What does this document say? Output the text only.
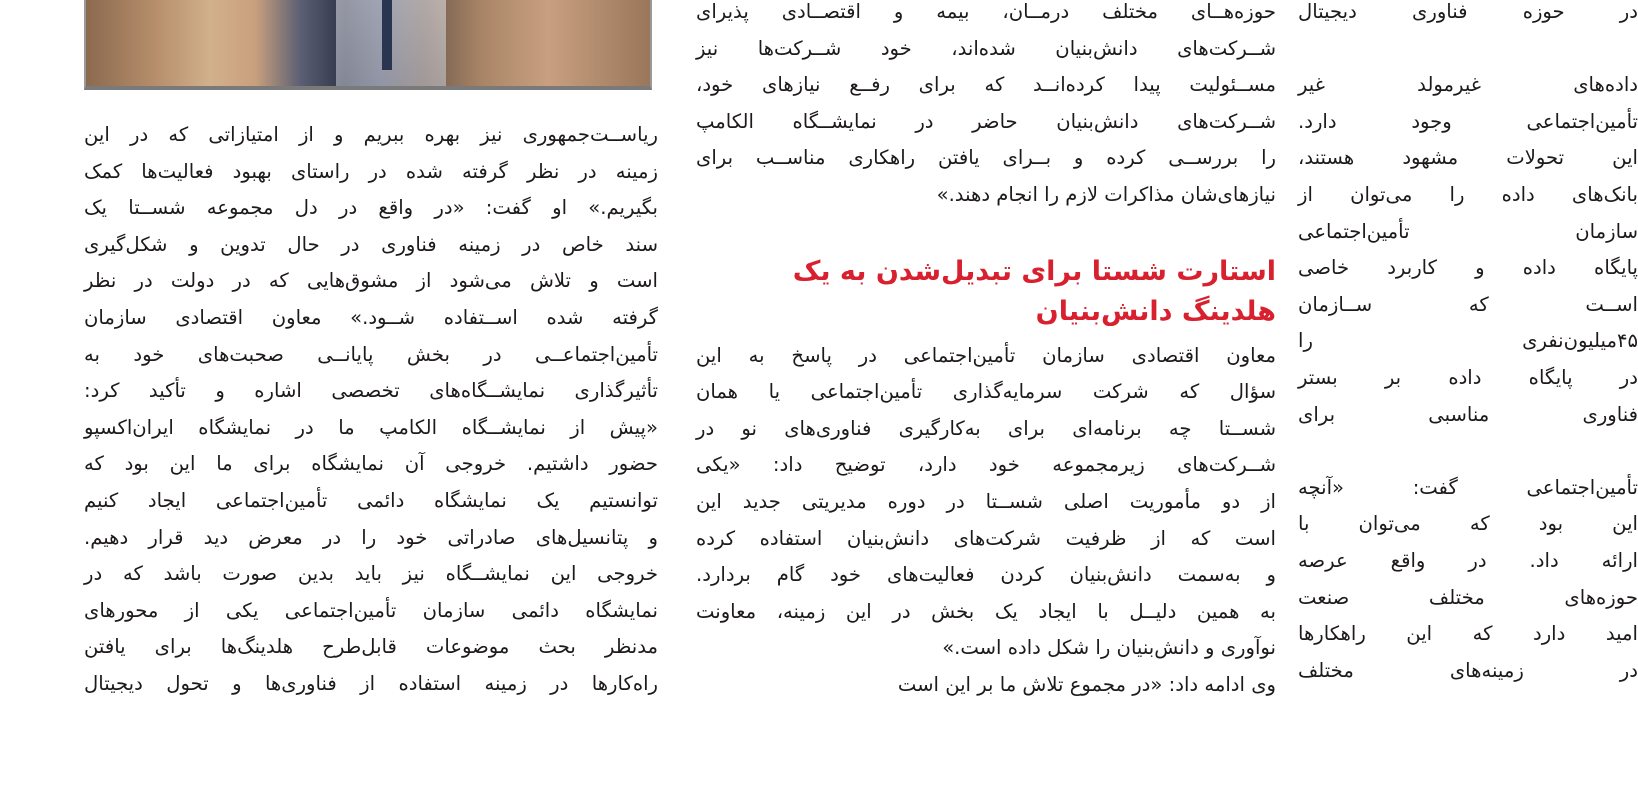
ریاســت‌جمهوری نیز بهره ببریم و از امتیازاتی که در این
زمینه در نظر گرفته شده در راستای بهبود فعالیت‌ها کمک
بگیریم.» او گفت: «در واقع در دل مجموعه شســتا یک
سند خاص در زمینه فناوری در حال تدوین و شکل‌گیری
است و تلاش می‌شود از مشوق‌هایی که در دولت در نظر
گرفته شده اســتفاده شــود.» معاون اقتصادی سازمان
تأمین‌اجتماعــی در بخش پایانــی صحبت‌های خود به
تأثیرگذاری نمایشــگاه‌های تخصصی اشاره و تأکید کرد:
«پیش از نمایشــگاه الکامپ ما در نمایشگاه ایران‌اکسپو
حضور داشتیم. خروجی آن نمایشگاه برای ما این بود که
توانستیم یک نمایشگاه دائمی تأمین‌اجتماعی ایجاد کنیم
و پتانسیل‌های صادراتی خود را در معرض دید قرار دهیم.
خروجی این نمایشــگاه نیز باید بدین صورت باشد که در
نمایشگاه دائمی سازمان تأمین‌اجتماعی یکی از محورهای
مدنظر بحث موضوعات قابل‌طرح هلدینگ‌ها برای یافتن
راه‌کارها در زمینه استفاده از فناوری‌ها و تحول دیجیتال
حوزه‌هــای مختلف درمــان، بیمه و اقتصــادی پذیرای
شــرکت‌های دانش‌بنیان شده‌اند، خود شــرکت‌ها نیز
مســئولیت پیدا کرده‌انــد که برای رفــع نیازهای خود،
شــرکت‌های دانش‌بنیان حاضر در نمایشــگاه الکامپ
را بررســی کرده و بــرای یافتن راهکاری مناســب برای
نیازهای‌شان مذاکرات لازم را انجام دهند.»
استارت شستا برای تبدیل‌شدن به یک
هلدینگ دانش‌بنیان
معاون اقتصادی سازمان تأمین‌اجتماعی در پاسخ به این
سؤال که شرکت سرمایه‌گذاری تأمین‌اجتماعی یا همان
شســتا چه برنامه‌ای برای به‌کارگیری فناوری‌های نو در
شــرکت‌های زیرمجموعه خود دارد، توضیح داد: «یکی
از دو مأموریت اصلی شســتا در دوره مدیریتی جدید این
است که از ظرفیت شرکت‌های دانش‌بنیان استفاده کرده
و به‌سمت دانش‌بنیان کردن فعالیت‌های خود گام بردارد.
به همین دلیــل با ایجاد یک بخش در این زمینه، معاونت
نوآوری و دانش‌بنیان را شکل داده است.»
وی ادامه داد: «در مجموع تلاش ما بر این است
در حوزه فناوری دیجیتال

داده‌های غیرمولد غیر
تأمین‌اجتماعی وجود دارد.
این تحولات مشهود هستند،
بانک‌های داده را می‌توان از
سازمان تأمین‌اجتماعی
پایگاه داده و کاربرد خاصی
اســت که ســازمان
۴۵میلیون‌نفری را
در پایگاه داده بر بستر
فناوری مناسبی برای

تأمین‌اجتماعی گفت: «آنچه
این بود که می‌توان با
ارائه داد. در واقع عرصه
حوزه‌های مختلف صنعت
امید دارد که این راهکارها
در زمینه‌های مختلف
